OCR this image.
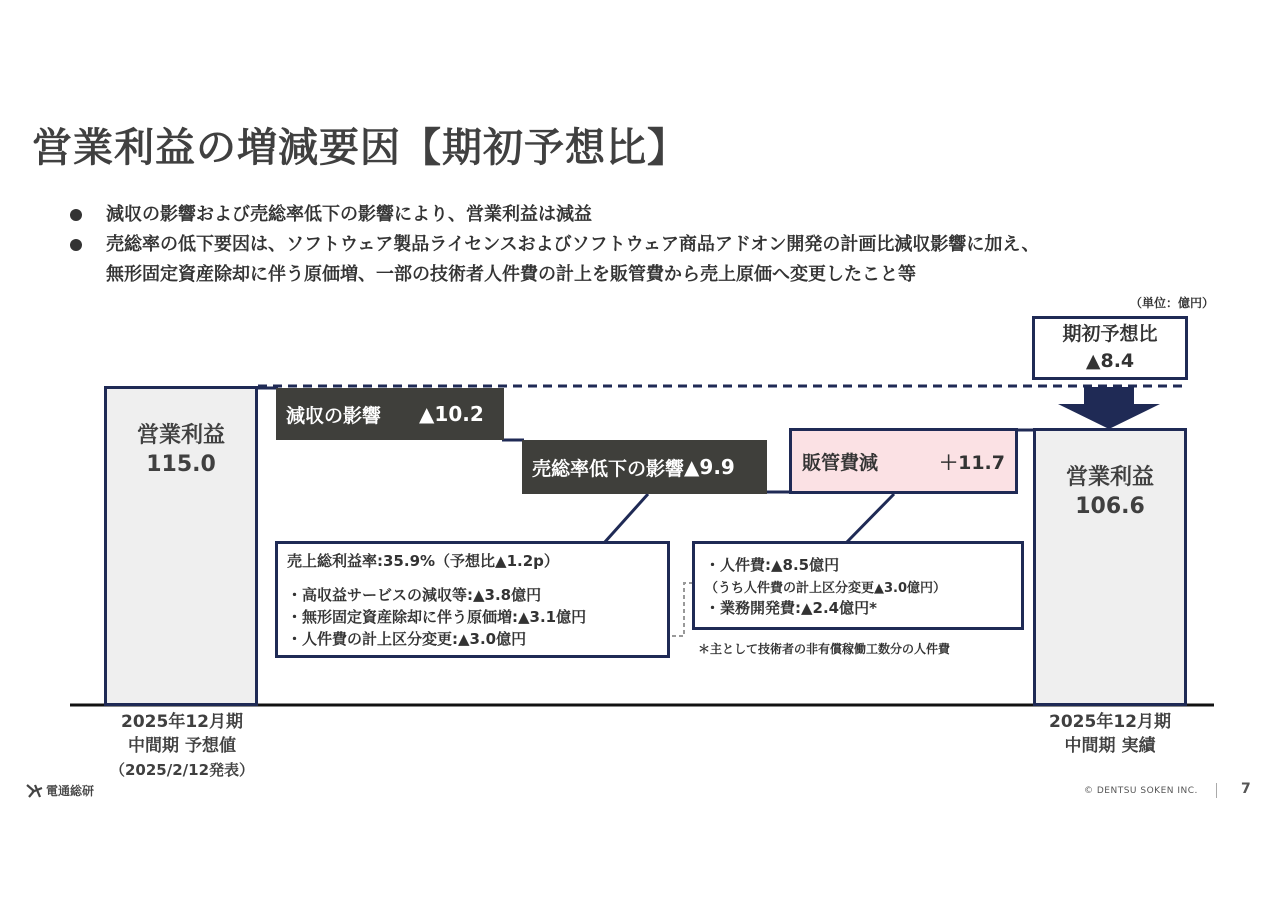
営業利益の増減要因【期初予想比】
減収の影響および売総率低下の影響により、営業利益は減益
売総率の低下要因は、ソフトウェア製品ライセンスおよびソフトウェア商品アドオン開発の計画比減収影響に加え、
無形固定資産除却に伴う原価増、一部の技術者人件費の計上を販管費から売上原価へ変更したこと等
（単位：億円）
営業利益
115.0
減収の影響 ▲10.2
売総率低下の影響 ▲9.9	販管費減	＋11.7
営業利益
106.6
期初予想比
▲8.4
売上総利益率:35.9%（予想比▲1.2p）
・高収益サービスの減収等:▲3.8億円
・無形固定資産除却に伴う原価増:▲3.1億円
・人件費の計上区分変更:▲3.0億円
・人件費:▲8.5億円
（うち人件費の計上区分変更▲3.0億円）
・業務開発費:▲2.4億円*
＊主として技術者の非有償稼働工数分の人件費
2025年12月期
中間期 予想値
（2025/2/12発表）
2025年12月期
中間期 実績
電通総研	© DENTSU SOKEN INC.	7
